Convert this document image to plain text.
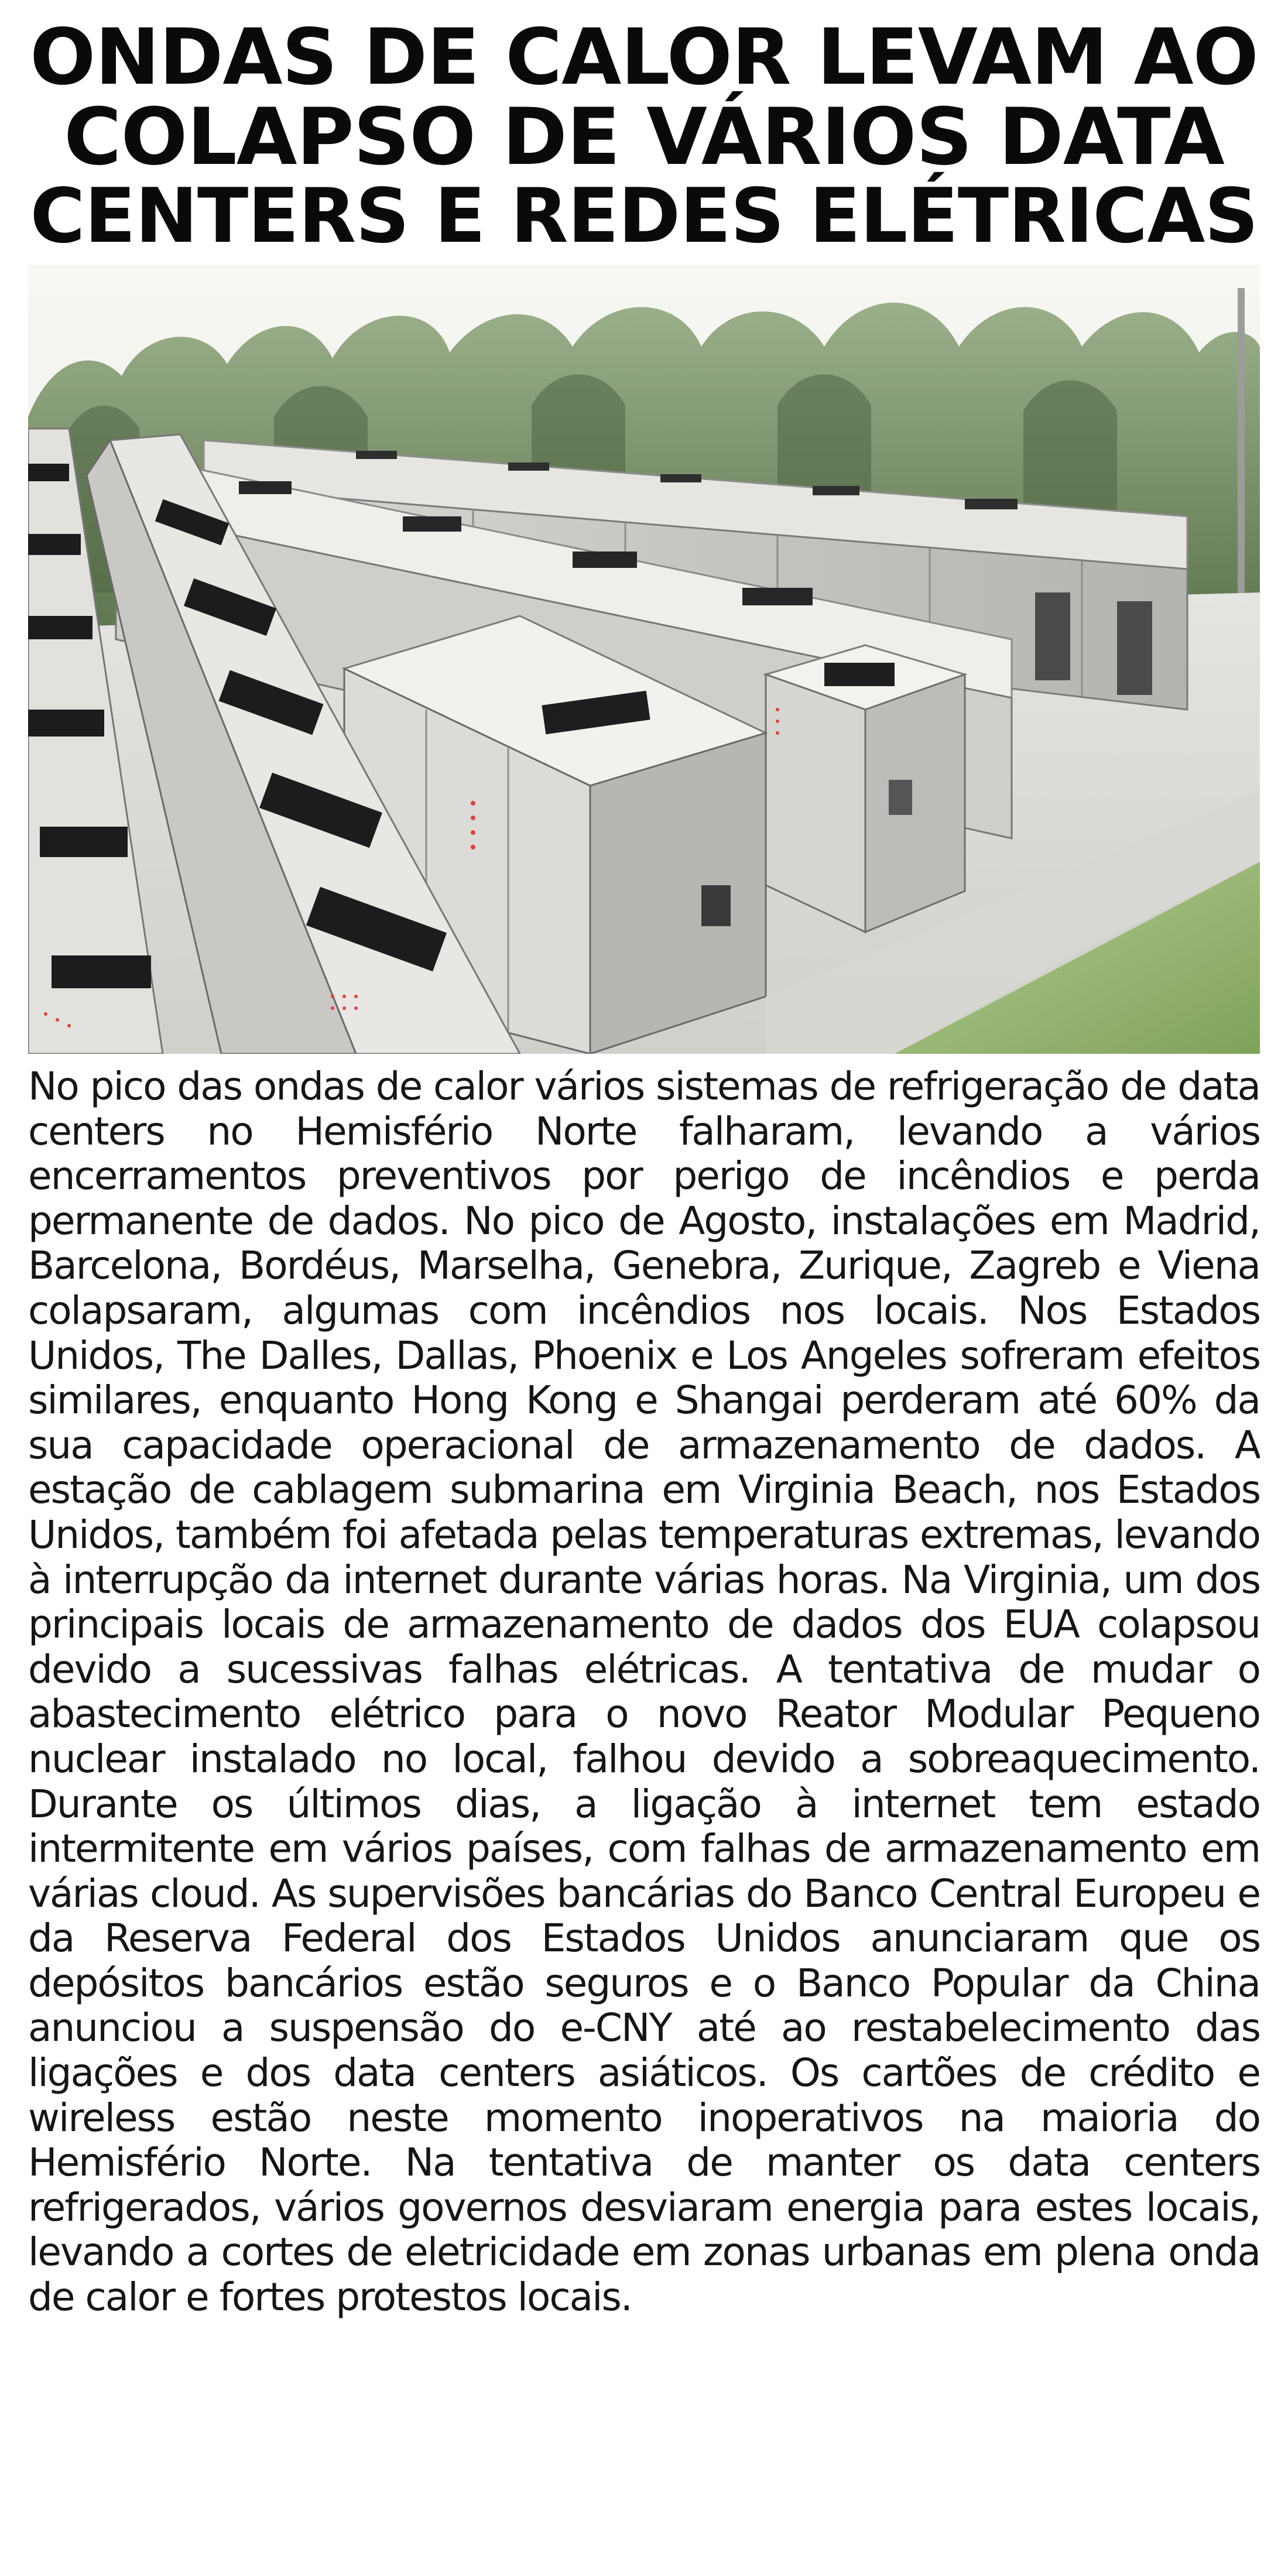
ONDAS DE CALOR LEVAM AO
COLAPSO DE VÁRIOS DATA
CENTERS E REDES ELÉTRICAS

No pico das ondas de calor vários sistemas de refrigeração de data centers no Hemisfério Norte falharam, levando a vários encerramentos preventivos por perigo de incêndios e perda permanente de dados. No pico de Agosto, instalações em Madrid, Barcelona, Bordéus, Marselha, Genebra, Zurique, Zagreb e Viena colapsaram, algumas com incêndios nos locais. Nos Estados Unidos, The Dalles, Dallas, Phoenix e Los Angeles sofreram efeitos similares, enquanto Hong Kong e Shangai perderam até 60% da sua capacidade operacional de armazenamento de dados. A estação de cablagem submarina em Virginia Beach, nos Estados Unidos, também foi afetada pelas temperaturas extremas, levando à interrupção da internet durante várias horas. Na Virginia, um dos principais locais de armazenamento de dados dos EUA colapsou devido a sucessivas falhas elétricas. A tentativa de mudar o abastecimento elétrico para o novo Reator Modular Pequeno nuclear instalado no local, falhou devido a sobreaquecimento. Durante os últimos dias, a ligação à internet tem estado intermitente em vários países, com falhas de armazenamento em várias cloud. As supervisões bancárias do Banco Central Europeu e da Reserva Federal dos Estados Unidos anunciaram que os depósitos bancários estão seguros e o Banco Popular da China anunciou a suspensão do e-CNY até ao restabelecimento das ligações e dos data centers asiáticos. Os cartões de crédito e wireless estão neste momento inoperativos na maioria do Hemisfério Norte. Na tentativa de manter os data centers refrigerados, vários governos desviaram energia para estes locais, levando a cortes de eletricidade em zonas urbanas em plena onda de calor e fortes protestos locais.
